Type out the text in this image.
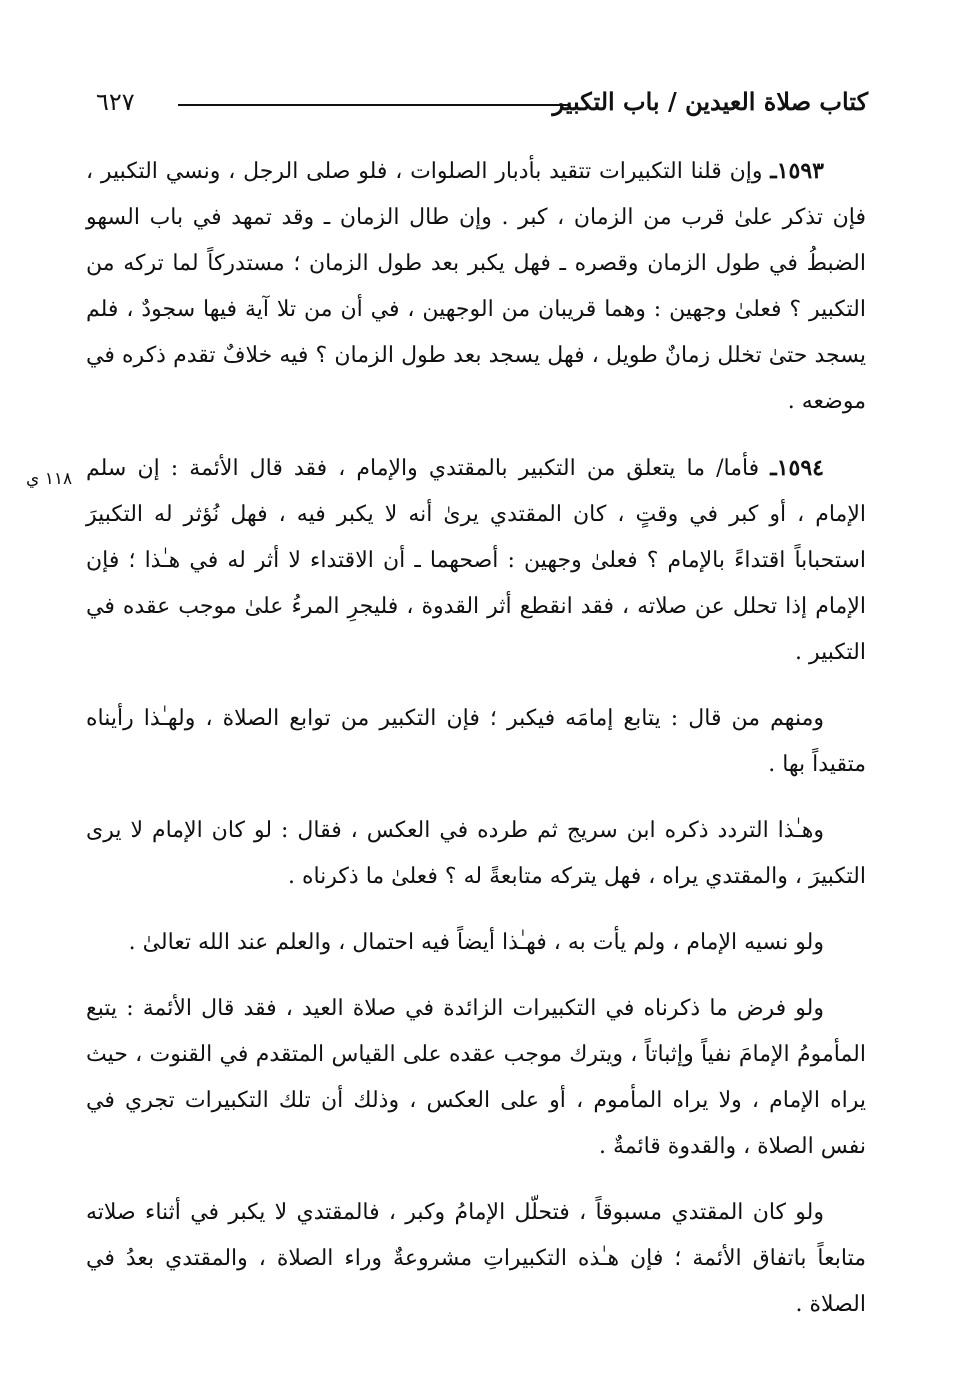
كتاب صلاة العيدين / باب التكبير
٦٢٧
١١٨ ي

١٥٩٣ـ وإن قلنا التكبيرات تتقيد بأدبار الصلوات ، فلو صلى الرجل ، ونسي التكبير ، فإن تذكر علىٰ قرب من الزمان ، كبر . وإن طال الزمان ـ وقد تمهد في باب السهو الضبطُ في طول الزمان وقصره ـ فهل يكبر بعد طول الزمان ؛ مستدركاً لما تركه من التكبير ؟ فعلىٰ وجهين : وهما قريبان من الوجهين ، في أن من تلا آية فيها سجودٌ ، فلم يسجد حتىٰ تخلل زمانٌ طويل ، فهل يسجد بعد طول الزمان ؟ فيه خلافٌ تقدم ذكره في موضعه .

١٥٩٤ـ فأما/ ما يتعلق من التكبير بالمقتدي والإمام ، فقد قال الأئمة : إن سلم الإمام ، أو كبر في وقتٍ ، كان المقتدي يرىٰ أنه لا يكبر فيه ، فهل نُؤثر له التكبيرَ استحباباً اقتداءً بالإمام ؟ فعلىٰ وجهين : أصحهما ـ أن الاقتداء لا أثر له في هـٰذا ؛ فإن الإمام إذا تحلل عن صلاته ، فقد انقطع أثر القدوة ، فليجرِ المرءُ علىٰ موجب عقده في التكبير .

ومنهم من قال : يتابع إمامَه فيكبر ؛ فإن التكبير من توابع الصلاة ، ولهـٰذا رأيناه متقيداً بها .

وهـٰذا التردد ذكره ابن سريج ثم طرده في العكس ، فقال : لو كان الإمام لا يرى التكبيرَ ، والمقتدي يراه ، فهل يتركه متابعةً له ؟ فعلىٰ ما ذكرناه .

ولو نسيه الإمام ، ولم يأت به ، فهـٰذا أيضاً فيه احتمال ، والعلم عند الله تعالىٰ .

ولو فرض ما ذكرناه في التكبيرات الزائدة في صلاة العيد ، فقد قال الأئمة : يتبع المأمومُ الإمامَ نفياً وإثباتاً ، ويترك موجب عقده على القياس المتقدم في القنوت ، حيث يراه الإمام ، ولا يراه المأموم ، أو على العكس ، وذلك أن تلك التكبيرات تجري في نفس الصلاة ، والقدوة قائمةٌ .

ولو كان المقتدي مسبوقاً ، فتحلّل الإمامُ وكبر ، فالمقتدي لا يكبر في أثناء صلاته متابعاً باتفاق الأئمة ؛ فإن هـٰذه التكبيراتِ مشروعةٌ وراء الصلاة ، والمقتدي بعدُ في الصلاة .
